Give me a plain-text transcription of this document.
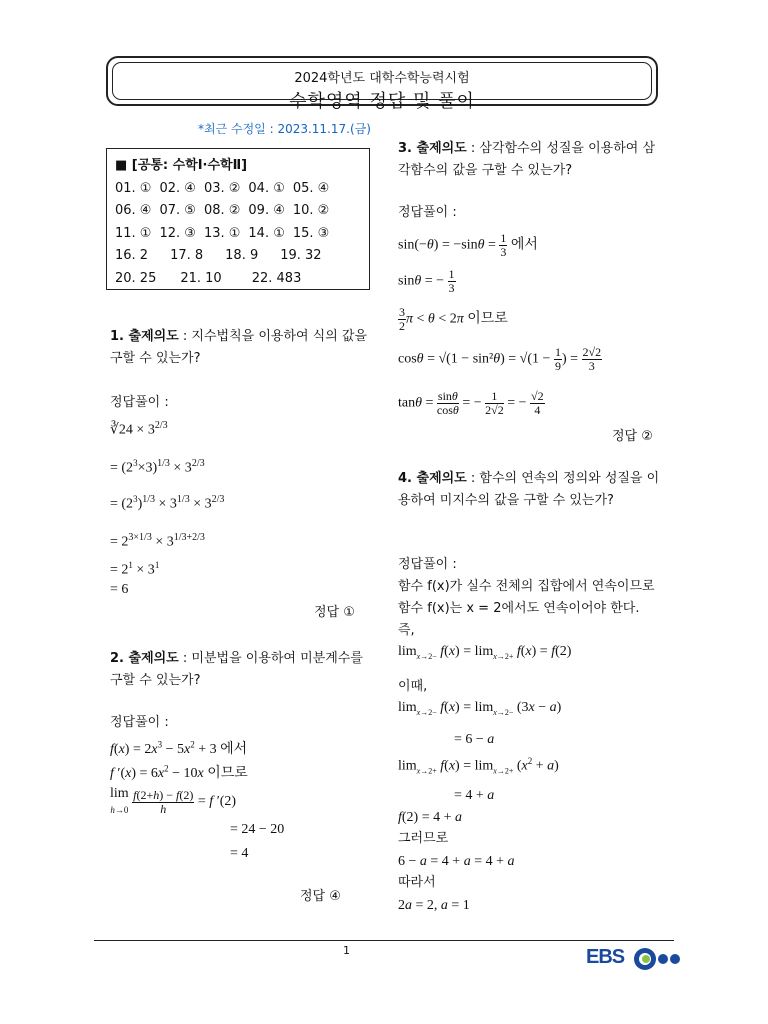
2024학년도 대학수학능력시험
수학영역 정답 및 풀이
*최근 수정일 : 2023.11.17.(금)
■ [공통: 수학Ⅰ·수학Ⅱ]
01. ① 02. ④ 03. ② 04. ① 05. ④
06. ④ 07. ⑤ 08. ② 09. ④ 10. ②
11. ① 12. ③ 13. ① 14. ① 15. ③
16. 2 17. 8 18. 9 19. 32
20. 25 21. 10 22. 483
1. 출제의도 : 지수법칙을 이용하여 식의 값을 구할 수 있는가?
정답풀이 :
∛24 × $3^{2/3}$
= $(2^3\times 3)^{1/3} \times 3^{2/3}$
= $(2^3)^{1/3} \times 3^{1/3} \times 3^{2/3}$
= $2^{3\times 1/3} \times 3^{1/3+2/3}$
= $2^1 \times 3^1$
= 6
정답 ①
2. 출제의도 : 미분법을 이용하여 미분계수를 구할 수 있는가?
정답풀이 :
$f(x) = 2x^3 - 5x^2 + 3$ 에서
f $'(x) = 6x^2 - 10x$ 이므로
lim
$h\to 0 \frac{f(2+h) - f(2)}{h} = f$ ′(2)
= 24 − 20
= 4
정답 ④
3. 출제의도 : 삼각함수의 성질을 이용하여 삼각함수의 값을 구할 수 있는가?
정답풀이 :
$\sin(-\theta) = -\sin\theta = \frac{1}{3}$ 에서
sinθ = − $\frac{1}{3}$
$\frac{3}{2}$ π < θ < 2π 이므로
$\cos\theta = √(1 - \sin^2\theta) = √(1 - \frac{1}{9}$ ) = $\frac{2√2}{3}$
$\tan\theta = \frac{\sin\theta}{\cos\theta}$ = − $\frac{1}{2√2}$ = − $\frac{√2}{4}$
정답 ②
4. 출제의도 : 함수의 연속의 정의와 성질을 이용하여 미지수의 값을 구할 수 있는가?
정답풀이 :
함수 f(x)가 실수 전체의 집합에서 연속이므로 함수 f(x)는 x = 2에서도 연속이어야 한다. 즉,
$\lim_{x\to 2-} f(x) = \lim_{x\to 2+} f(x) = f(2)$
이때,
$\lim_{x\to 2-} f(x) = \lim_{x\to 2-} (3x - a)$
= 6 − a
$\lim_{x\to 2+} f(x) = \lim_{x\to 2+} (x^2 + a)$
= 4 + a
f(2) = 4 + a
그러므로
6 − a = 4 + a = 4 + a
따라서
2a = 2, a = 1
1	EBS
